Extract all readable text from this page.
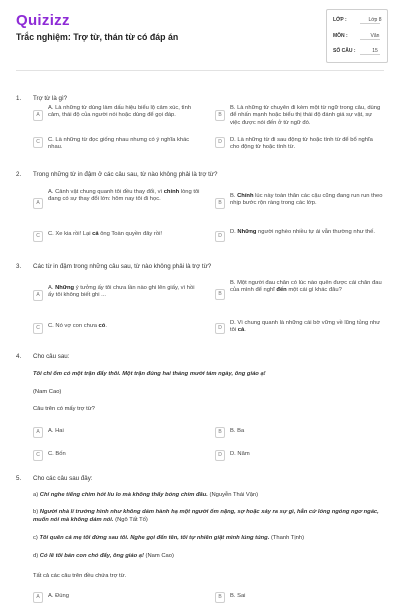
Quizizz
Trắc nghiệm: Trợ từ, thán từ có đáp án
LỚP :	Lớp 8
MÔN :	Văn
SỐ CÂU :	15
1. Trợ từ là gì?
A
A. Là những từ dùng làm dấu hiệu biểu lộ cảm xúc, tình cảm, thái độ của người nói hoặc dùng để gọi đáp.	B
B. Là những từ chuyên đi kèm một từ ngữ trong câu, dùng để nhấn mạnh hoặc biểu thị thái độ đánh giá sự vật, sự việc được nói đến ở từ ngữ đó.
C	C. Là những từ đọc giống nhau nhưng có ý nghĩa khác nhau.
D	D. Là những từ đi sau động từ hoặc tính từ để bổ nghĩa cho động từ hoặc tính từ.
2. Trong những từ in đậm ở các câu sau, từ nào không phải là trợ từ?
A
A. Cảnh vật chung quanh tôi đều thay đổi, vì chính lòng tôi đang có sự thay đổi lớn: hôm nay tôi đi học.
B
B. Chính lúc này toàn thân các cậu cũng đang run run theo nhịp bước rộn ràng trong các lớp.
C	C. Xe kia rồi! Lại cả ông Toàn quyền đây rồi!	D
D. Những người nghèo nhiều tự ái vẫn thường như thế.
3. Các từ in đậm trong những câu sau, từ nào không phải là trợ từ?
A
A. Những ý tưởng ấy tôi chưa lần nào ghi lên giấy, vì hồi ấy tôi không biết ghi ...	B
B. Một người đau chân có lúc nào quên được cái chân đau của mình để nghĩ đến một cái gì khác đâu?
C	C. Nó vợ con chưa có.	D
D. Vì chung quanh là những cái bờ vững về lũng tủng như tôi cả.
4. Cho câu sau:
Tôi chỉ ốm có một trận đấy thôi. Một trận đúng hai tháng mười tám ngày, ông giáo ạ!
(Nam Cao)
Câu trên có mấy trợ từ?
A	A. Hai	B	B. Ba
C	C. Bốn	D	D. Năm
5. Cho các câu sau đây:
a) Chỉ nghe tiếng chim hót líu lo mà không thấy bóng chim đâu. (Nguyễn Thái Vận)
b) Người nhà lí trưởng hình như không dám hành hạ một người ốm nặng, sợ hoặc xảy ra sự gì, hắn cứ lóng ngóng ngơ ngác, muốn nói mà không dám nói. (Ngô Tất Tố)
c) Tôi quên cả mẹ tôi đứng sau tôi. Nghe gọi đến tên, tôi tự nhiên giật mình lúng túng. (Thanh Tịnh)
d) Có lẽ tôi bán con chó đấy, ông giáo ạ! (Nam Cao)
Tất cả các câu trên đều chứa trợ từ.
A	A. Đúng	B	B. Sai
